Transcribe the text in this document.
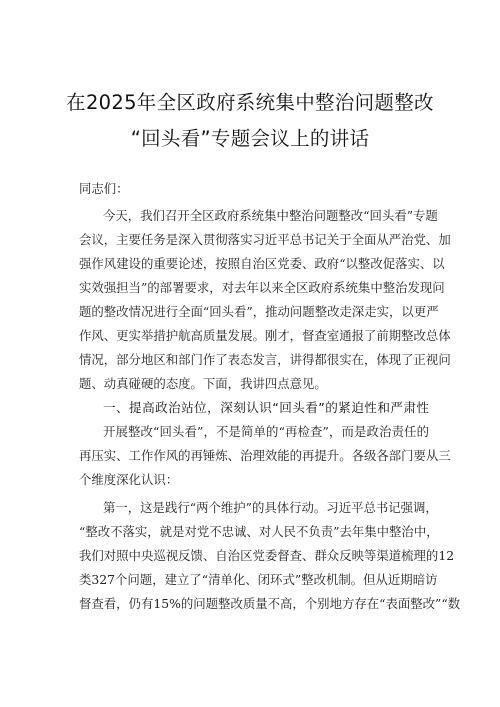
在2025年全区政府系统集中整治问题整改
“回头看”专题会议上的讲话
同志们：
今天，我们召开全区政府系统集中整治问题整改“回头看”专题
会议，主要任务是深入贯彻落实习近平总书记关于全面从严治党、加
强作风建设的重要论述，按照自治区党委、政府“以整改促落实、以
实效强担当”的部署要求，对去年以来全区政府系统集中整治发现问
题的整改情况进行全面“回头看”，推动问题整改走深走实，以更严
作风、更实举措护航高质量发展。刚才，督查室通报了前期整改总体
情况，部分地区和部门作了表态发言，讲得都很实在，体现了正视问
题、动真碰硬的态度。下面，我讲四点意见。
一、提高政治站位，深刻认识“回头看”的紧迫性和严肃性
开展整改“回头看”，不是简单的“再检查”，而是政治责任的
再压实、工作作风的再锤炼、治理效能的再提升。各级各部门要从三
个维度深化认识：
第一，这是践行“两个维护”的具体行动。习近平总书记强调，
“整改不落实，就是对党不忠诚、对人民不负责”去年集中整治中，
我们对照中央巡视反馈、自治区党委督查、群众反映等渠道梳理的12
类327个问题，建立了“清单化、闭环式”整改机制。但从近期暗访
督查看，仍有15%的问题整改质量不高，个别地方存在“表面整改”“数
